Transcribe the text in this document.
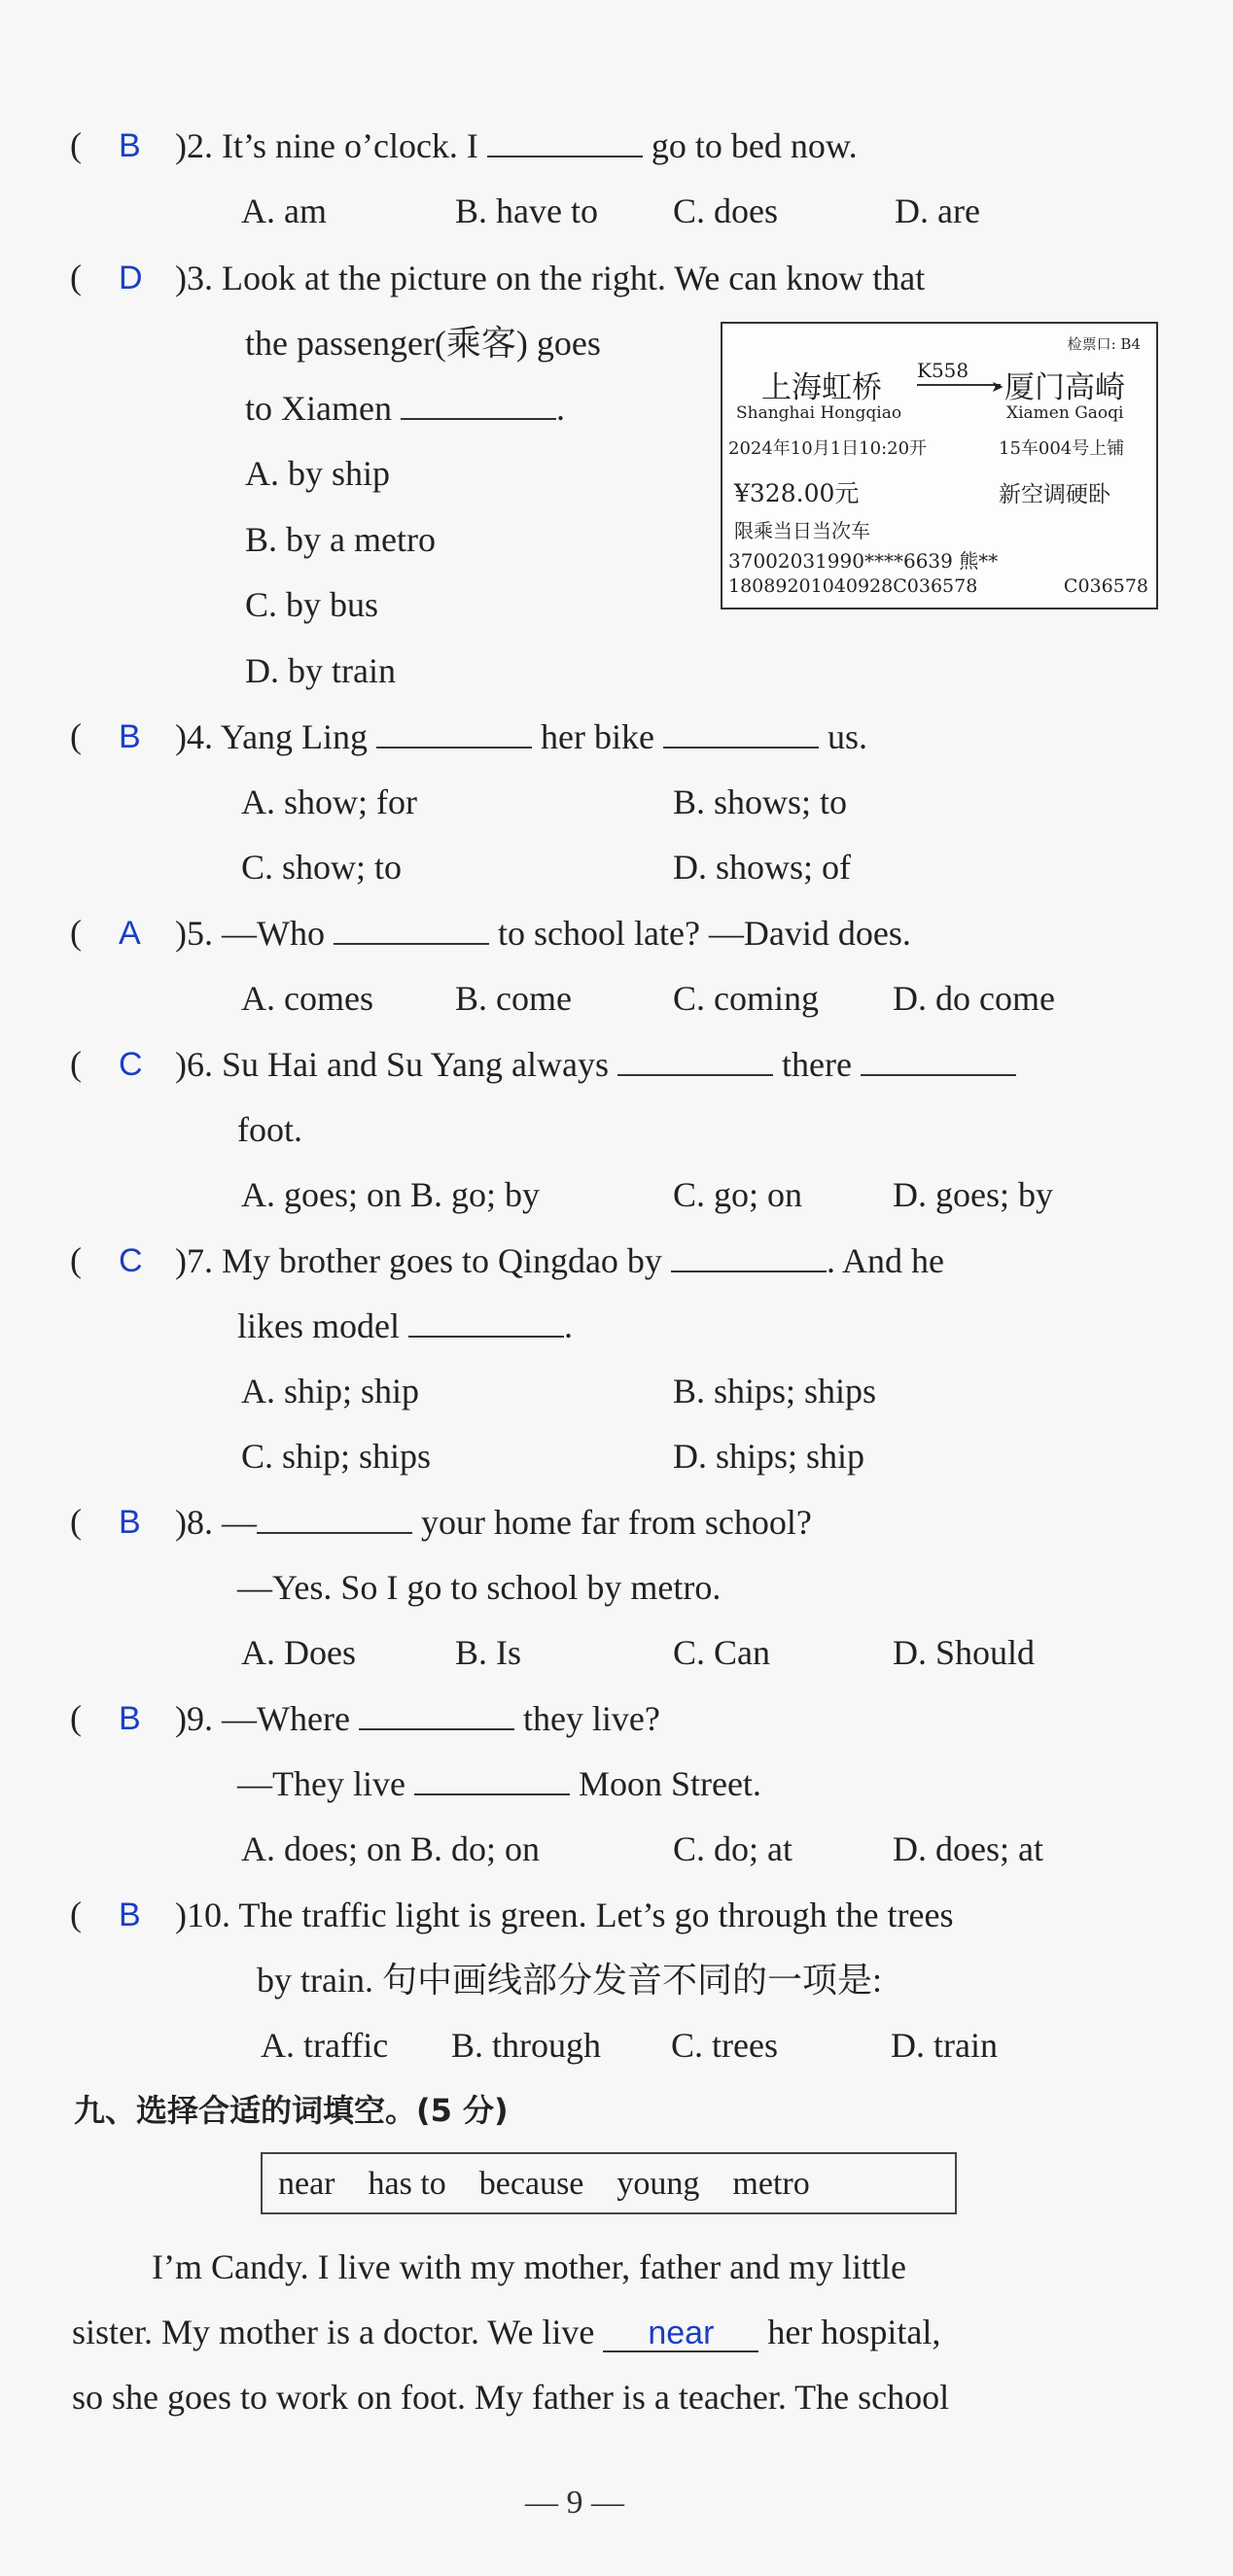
( B )2. It’s nine o’clock. I	go to bed now.
A. am	B. have to C. does	D. are
( D )3. Look at the picture on the right. We can know that
the passenger(乘客) goes
to Xiamen	.
A. by ship
B. by a metro
C. by bus
D. by train
检票口: B4
上海虹桥 K558
➤ 厦门高崎
Shanghai Hongqiao	Xiamen Gaoqi
2024年10月1日10:20开	15车004号上铺
¥328.00元	新空调硬卧
限乘当日当次车
37002031990****6639 熊**
18089201040928C036578	C036578
( B )4. Yang Ling	her bike	us.
A. show; for	B. shows; to
C. show; to	D. shows; of
( A )5. —Who	to school late? —David does.
A. comes B. come	C. coming D. do come
( C )6. Su Hai and Su Yang always	there
foot.
A. goes; on B. go; by	C. go; on	D. goes; by
( C )7. My brother goes to Qingdao by	. And he
likes model	.
A. ship; ship	B. ships; ships
C. ship; ships	D. ships; ship
( B )8. —	your home far from school?
—Yes. So I go to school by metro.
A. Does	B. Is	C. Can	D. Should
( B )9. —Where	they live?
—They live	Moon Street.
A. does; on B. do; on	C. do; at	D. does; at
( B )10. The traffic light is green. Let’s go through the trees
by train. 句中画线部分发音不同的一项是:
A. traffic B. through C. trees	D. train
九、选择合适的词填空。(5 分)
near has to because young metro
I’m Candy. I live with my mother, father and my little
sister. My mother is a doctor. We live near her hospital,
so she goes to work on foot. My father is a teacher. The school
— 9 —
